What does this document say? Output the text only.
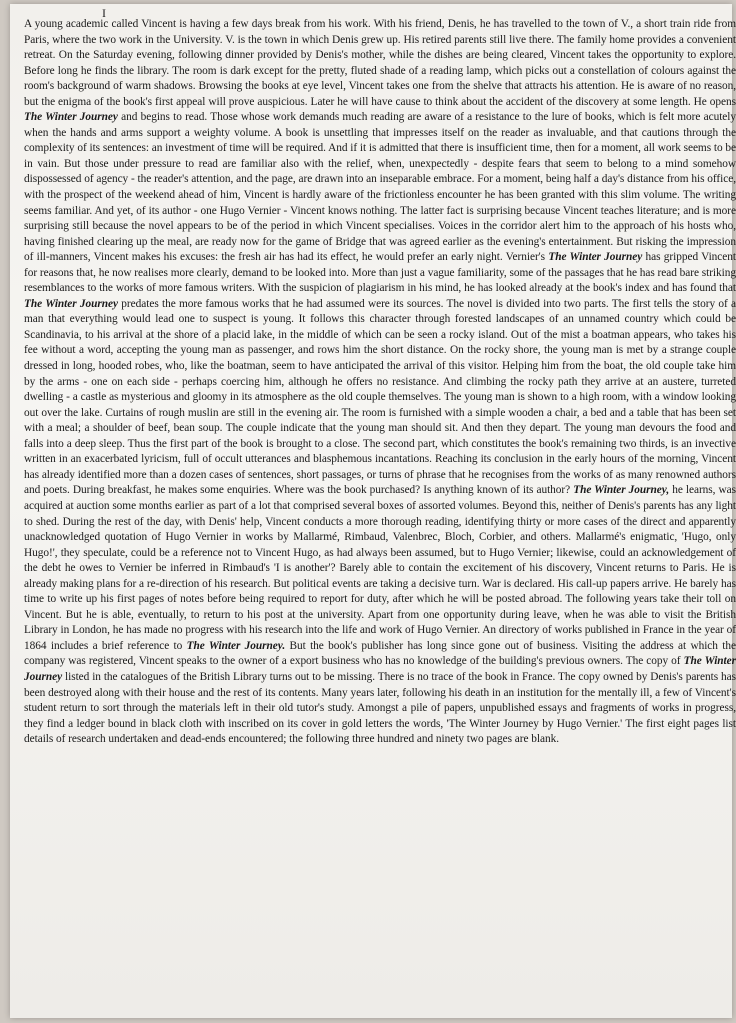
I

A young academic called Vincent is having a few days break from his work. With his friend, Denis, he has travelled to the town of V., a short train ride from Paris, where the two work in the University. V. is the town in which Denis grew up. His retired parents still live there. The family home provides a convenient retreat. On the Saturday evening, following dinner provided by Denis's mother, while the dishes are being cleared, Vincent takes the opportunity to explore. Before long he finds the library. The room is dark except for the pretty, fluted shade of a reading lamp, which picks out a constellation of colours against the room's background of warm shadows. Browsing the books at eye level, Vincent takes one from the shelve that attracts his attention. He is aware of no reason, but the enigma of the book's first appeal will prove auspicious. Later he will have cause to think about the accident of the discovery at some length. He opens The Winter Journey and begins to read. Those whose work demands much reading are aware of a resistance to the lure of books, which is felt more acutely when the hands and arms support a weighty volume. A book is unsettling that impresses itself on the reader as invaluable, and that cautions through the complexity of its sentences: an investment of time will be required. And if it is admitted that there is insufficient time, then for a moment, all work seems to be in vain. But those under pressure to read are familiar also with the relief, when, unexpectedly - despite fears that seem to belong to a mind somehow dispossessed of agency - the reader's attention, and the page, are drawn into an inseparable embrace. For a moment, being half a day's distance from his office, with the prospect of the weekend ahead of him, Vincent is hardly aware of the frictionless encounter he has been granted with this slim volume. The writing seems familiar. And yet, of its author - one Hugo Vernier - Vincent knows nothing. The latter fact is surprising because Vincent teaches literature; and is more surprising still because the novel appears to be of the period in which Vincent specialises. Voices in the corridor alert him to the approach of his hosts who, having finished clearing up the meal, are ready now for the game of Bridge that was agreed earlier as the evening's entertainment. But risking the impression of ill-manners, Vincent makes his excuses: the fresh air has had its effect, he would prefer an early night. Vernier's The Winter Journey has gripped Vincent for reasons that, he now realises more clearly, demand to be looked into. More than just a vague familiarity, some of the passages that he has read bare striking resemblances to the works of more famous writers. With the suspicion of plagiarism in his mind, he has looked already at the book's index and has found that The Winter Journey predates the more famous works that he had assumed were its sources. The novel is divided into two parts. The first tells the story of a man that everything would lead one to suspect is young. It follows this character through forested landscapes of an unnamed country which could be Scandinavia, to his arrival at the shore of a placid lake, in the middle of which can be seen a rocky island. Out of the mist a boatman appears, who takes his fee without a word, accepting the young man as passenger, and rows him the short distance. On the rocky shore, the young man is met by a strange couple dressed in long, hooded robes, who, like the boatman, seem to have anticipated the arrival of this visitor. Helping him from the boat, the old couple take him by the arms - one on each side - perhaps coercing him, although he offers no resistance. And climbing the rocky path they arrive at an austere, turreted dwelling - a castle as mysterious and gloomy in its atmosphere as the old couple themselves. The young man is shown to a high room, with a window looking out over the lake. Curtains of rough muslin are still in the evening air. The room is furnished with a simple wooden a chair, a bed and a table that has been set with a meal; a shoulder of beef, bean soup. The couple indicate that the young man should sit. And then they depart. The young man devours the food and falls into a deep sleep. Thus the first part of the book is brought to a close. The second part, which constitutes the book's remaining two thirds, is an invective written in an exacerbated lyricism, full of occult utterances and blasphemous incantations. Reaching its conclusion in the early hours of the morning, Vincent has already identified more than a dozen cases of sentences, short passages, or turns of phrase that he recognises from the works of as many renowned authors and poets. During breakfast, he makes some enquiries. Where was the book purchased? Is anything known of its author? The Winter Journey, he learns, was acquired at auction some months earlier as part of a lot that comprised several boxes of assorted volumes. Beyond this, neither of Denis's parents has any light to shed. During the rest of the day, with Denis' help, Vincent conducts a more thorough reading, identifying thirty or more cases of the direct and apparently unacknowledged quotation of Hugo Vernier in works by Mallarmé, Rimbaud, Valenbrec, Bloch, Corbier, and others. Mallarmé's enigmatic, 'Hugo, only Hugo!', they speculate, could be a reference not to Vincent Hugo, as had always been assumed, but to Hugo Vernier; likewise, could an acknowledgement of the debt he owes to Vernier be inferred in Rimbaud's 'I is another'? Barely able to contain the excitement of his discovery, Vincent returns to Paris. He is already making plans for a re-direction of his research. But political events are taking a decisive turn. War is declared. His call-up papers arrive. He barely has time to write up his first pages of notes before being required to report for duty, after which he will be posted abroad. The following years take their toll on Vincent. But he is able, eventually, to return to his post at the university. Apart from one opportunity during leave, when he was able to visit the British Library in London, he has made no progress with his research into the life and work of Hugo Vernier. An directory of works published in France in the year of 1864 includes a brief reference to The Winter Journey. But the book's publisher has long since gone out of business. Visiting the address at which the company was registered, Vincent speaks to the owner of a export business who has no knowledge of the building's previous owners. The copy of The Winter Journey listed in the catalogues of the British Library turns out to be missing. There is no trace of the book in France. The copy owned by Denis's parents has been destroyed along with their house and the rest of its contents. Many years later, following his death in an institution for the mentally ill, a few of Vincent's student return to sort through the materials left in their old tutor's study. Amongst a pile of papers, unpublished essays and fragments of works in progress, they find a ledger bound in black cloth with inscribed on its cover in gold letters the words, 'The Winter Journey by Hugo Vernier.' The first eight pages list details of research undertaken and dead-ends encountered; the following three hundred and ninety two pages are blank.
